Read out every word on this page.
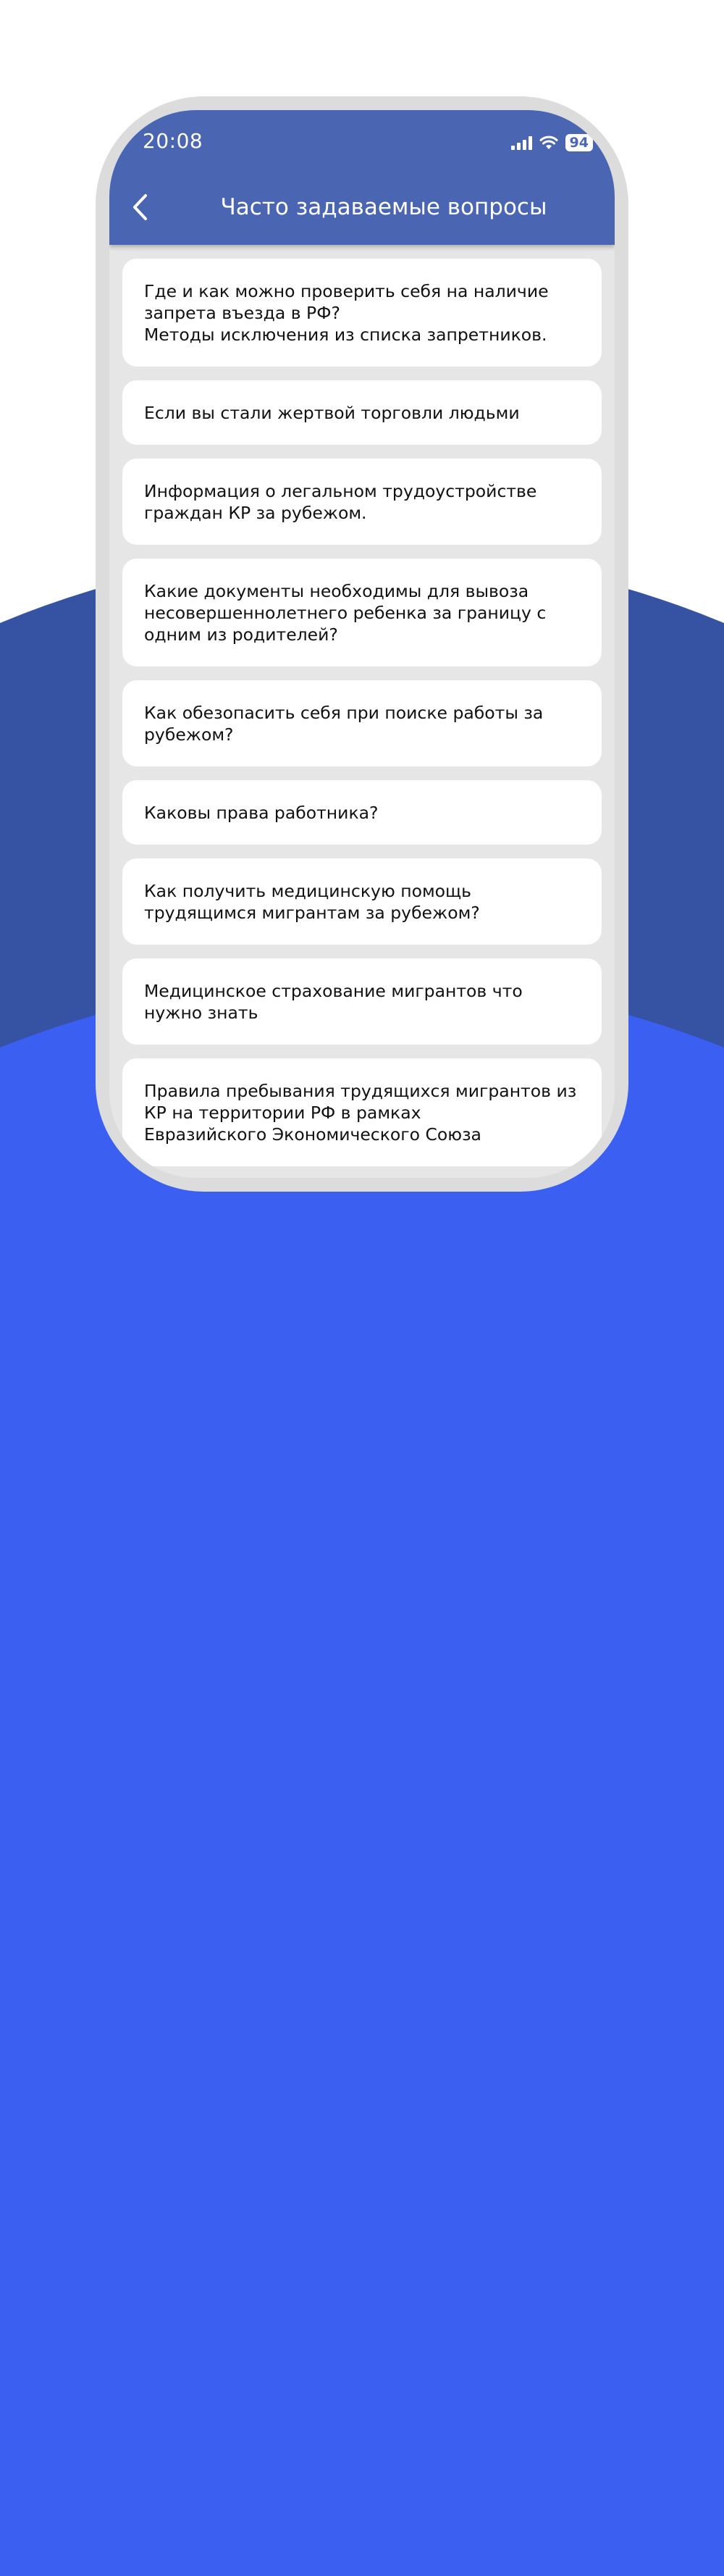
20:08	94
Часто задаваемые вопросы
Где и как можно проверить себя на наличие
запрета въезда в РФ?
Методы исключения из списка запретников.
Если вы стали жертвой торговли людьми
Информация о легальном трудоустройстве
граждан КР за рубежом.
Какие документы необходимы для вывоза
несовершеннолетнего ребенка за границу с
одним из родителей?
Как обезопасить себя при поиске работы за
рубежом?
Каковы права работника?
Как получить медицинскую помощь
трудящимся мигрантам за рубежом?
Медицинское страхование мигрантов что
нужно знать
Правила пребывания трудящихся мигрантов из
КР на территории РФ в рамках
Евразийского Экономического Союза
